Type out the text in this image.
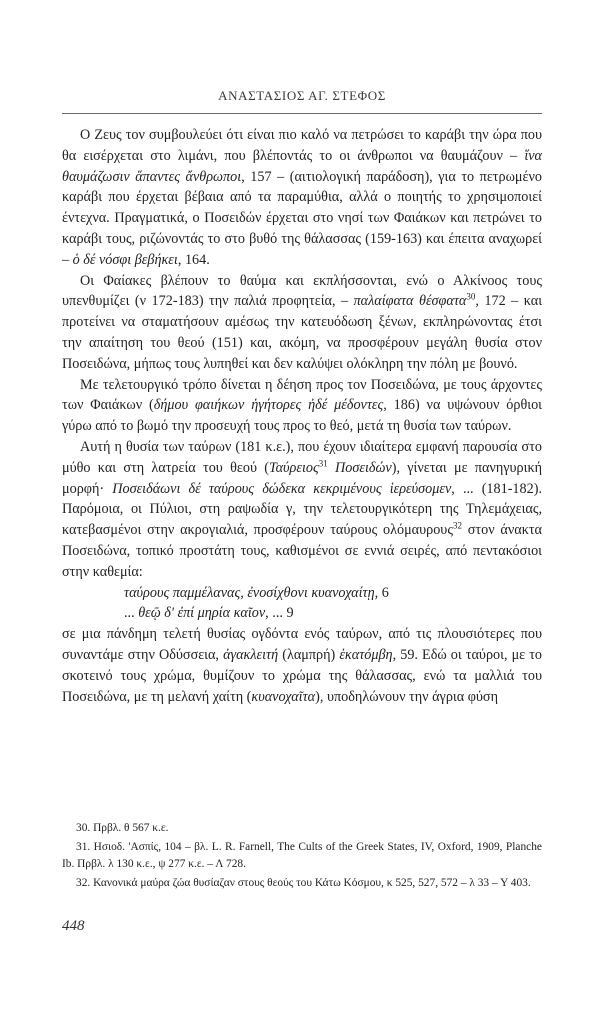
ΑΝΑΣΤΑΣΙΟΣ ΑΓ. ΣΤΕΦΟΣ

Ο Ζευς τον συμβουλεύει ότι είναι πιο καλό να πετρώσει το καράβι την ώρα που θα εισέρχεται στο λιμάνι, που βλέποντάς το οι άνθρωποι να θαυμάζουν – ἵνα θαυμάζωσιν ἅπαντες ἄνθρωποι, 157 – (αιτιολογική παράδοση), για το πετρωμένο καράβι που έρχεται βέβαια από τα παραμύθια, αλλά ο ποιητής το χρησιμοποιεί έντεχνα. Πραγματικά, ο Ποσειδών έρχεται στο νησί των Φαιάκων και πετρώνει το καράβι τους, ριζώνοντάς το στο βυθό της θάλασσας (159-163) και έπειτα αναχωρεί – ὁ δέ νόσφι βεβήκει, 164.

Οι Φαίακες βλέπουν το θαύμα και εκπλήσσονται, ενώ ο Αλκίνοος τους υπενθυμίζει (ν 172-183) την παλιά προφητεία, – παλαίφατα θέσφατα$^{30}$, 172 – και προτείνει να σταματήσουν αμέσως την κατευόδωση ξένων, εκπληρώνοντας έτσι την απαίτηση του θεού (151) και, ακόμη, να προσφέρουν μεγάλη θυσία στον Ποσειδώνα, μήπως τους λυπηθεί και δεν καλύψει ολόκληρη την πόλη με βουνό.

Με τελετουργικό τρόπο δίνεται η δέηση προς τον Ποσειδώνα, με τους άρχοντες των Φαιάκων (δήμου φαιήκων ἡγήτορες ἠδέ μέδοντες, 186) να υψώνουν όρθιοι γύρω από το βωμό την προσευχή τους προς το θεό, μετά τη θυσία των ταύρων.

Αυτή η θυσία των ταύρων (181 κ.ε.), που έχουν ιδιαίτερα εμφανή παρουσία στο μύθο και στη λατρεία του θεού (Ταύρειος$^{31}$ Ποσειδών), γίνεται με πανηγυρική μορφή· Ποσειδάωνι δέ ταύρους δώδεκα κεκριμένους ἱερεύσομεν, ... (181-182). Παρόμοια, οι Πύλιοι, στη ραψωδία γ, την τελετουργικότερη της Τηλεμάχειας, κατεβασμένοι στην ακρογιαλιά, προσφέρουν ταύρους ολόμαυρους$^{32}$ στον άνακτα Ποσειδώνα, τοπικό προστάτη τους, καθισμένοι σε εννιά σειρές, από πεντακόσιοι στην καθεμία:

ταύρους παμμέλανας, ἐνοσίχθονι κυανοχαίτῃ, 6
... θεῷ δ' ἐπί μηρία καῖον, ... 9

σε μια πάνδημη τελετή θυσίας ογδόντα ενός ταύρων, από τις πλουσιότερες που συναντάμε στην Οδύσσεια, ἀγακλειτή (λαμπρή) ἑκατόμβη, 59. Εδώ οι ταύροι, με το σκοτεινό τους χρώμα, θυμίζουν το χρώμα της θάλασσας, ενώ τα μαλλιά του Ποσειδώνα, με τη μελανή χαίτη (κυανοχαῖτα), υποδηλώνουν την άγρια φύση

30. Πρβλ. θ 567 κ.ε.

31. Ησιοδ. 'Ασπίς, 104 – βλ. L. R. Farnell, The Cults of the Greek States, IV, Oxford, 1909, Planche Ib. Πρβλ. λ 130 κ.ε., ψ 277 κ.ε. – Λ 728.

32. Κανονικά μαύρα ζώα θυσίαζαν στους θεούς του Κάτω Κόσμου, κ 525, 527, 572 – λ 33 – Υ 403.

448
